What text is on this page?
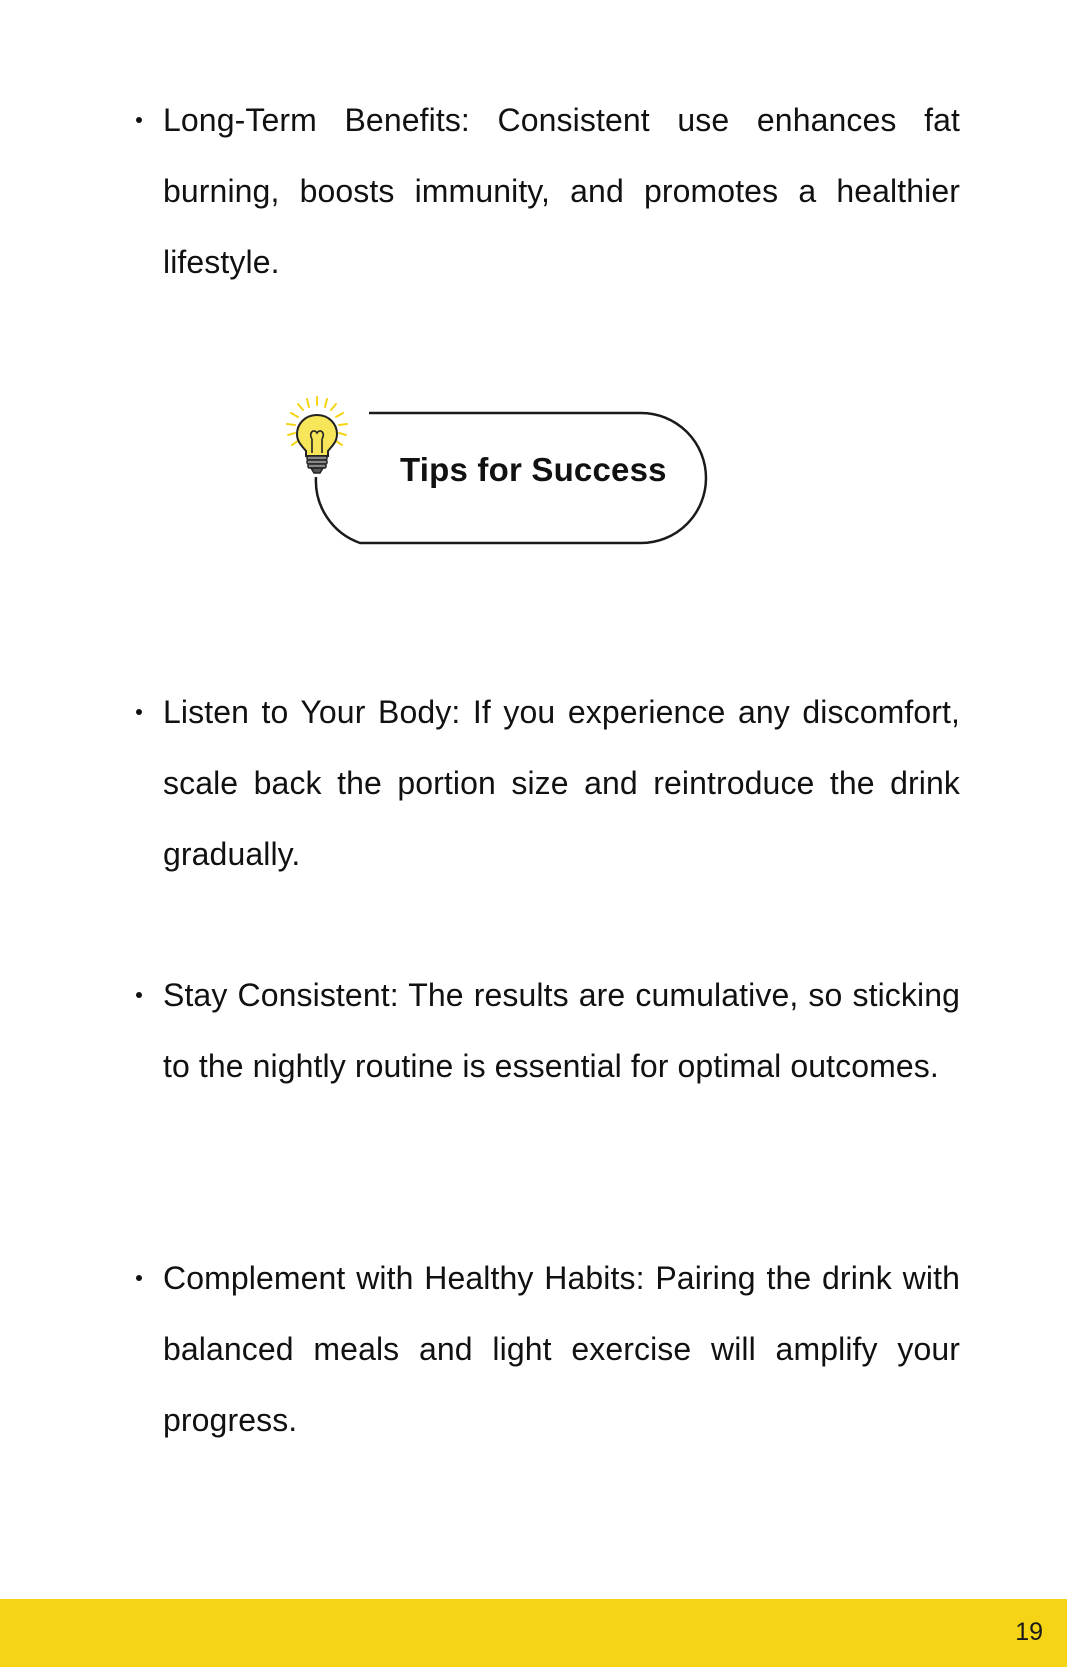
Long-Term Benefits: Consistent use enhances fat burning, boosts immunity, and promotes a healthier lifestyle.
Tips for Success
Listen to Your Body: If you experience any discomfort, scale back the portion size and reintroduce the drink gradually.
Stay Consistent: The results are cumulative, so sticking to the nightly routine is essential for optimal outcomes.
Complement with Healthy Habits: Pairing the drink with balanced meals and light exercise will amplify your progress.
19
